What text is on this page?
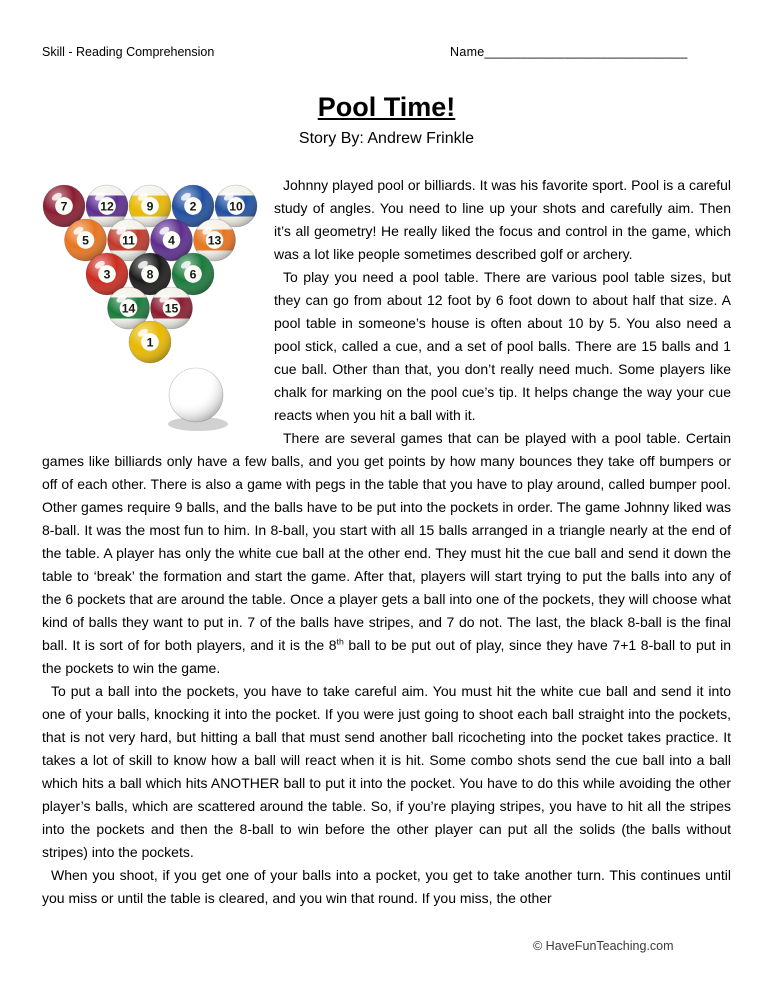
Skill - Reading Comprehension	Name____________________________
Pool Time!
Story By: Andrew Frinkle
7	12	9	2	10
5	11	4	13
3	8	6
14 15
1

Johnny played pool or billiards. It was his favorite sport. Pool is a careful study of angles. You need to line up your shots and carefully aim. Then it’s all geometry! He really liked the focus and control in the game, which was a lot like people sometimes described golf or archery.

To play you need a pool table. There are various pool table sizes, but they can go from about 12 foot by 6 foot down to about half that size. A pool table in someone’s house is often about 10 by 5. You also need a pool stick, called a cue, and a set of pool balls. There are 15 balls and 1 cue ball. Other than that, you don’t really need much. Some players like chalk for marking on the pool cue’s tip. It helps change the way your cue reacts when you hit a ball with it.

There are several games that can be played with a pool table. Certain games like billiards only have a few balls, and you get points by how many bounces they take off bumpers or off of each other. There is also a game with pegs in the table that you have to play around, called bumper pool. Other games require 9 balls, and the balls have to be put into the pockets in order. The game Johnny liked was 8-ball. It was the most fun to him. In 8-ball, you start with all 15 balls arranged in a triangle nearly at the end of the table. A player has only the white cue ball at the other end. They must hit the cue ball and send it down the table to ‘break’ the formation and start the game. After that, players will start trying to put the balls into any of the 6 pockets that are around the table. Once a player gets a ball into one of the pockets, they will choose what kind of balls they want to put in. 7 of the balls have stripes, and 7 do not. The last, the black 8-ball is the final ball. It is sort of for both players, and it is the 8th ball to be put out of play, since they have 7+1 8-ball to put in the pockets to win the game.

To put a ball into the pockets, you have to take careful aim. You must hit the white cue ball and send it into one of your balls, knocking it into the pocket. If you were just going to shoot each ball straight into the pockets, that is not very hard, but hitting a ball that must send another ball ricocheting into the pocket takes practice. It takes a lot of skill to know how a ball will react when it is hit. Some combo shots send the cue ball into a ball which hits a ball which hits ANOTHER ball to put it into the pocket. You have to do this while avoiding the other player’s balls, which are scattered around the table. So, if you’re playing stripes, you have to hit all the stripes into the pockets and then the 8-ball to win before the other player can put all the solids (the balls without stripes) into the pockets.

When you shoot, if you get one of your balls into a pocket, you get to take another turn. This continues until you miss or until the table is cleared, and you win that round. If you miss, the other

© HaveFunTeaching.com
